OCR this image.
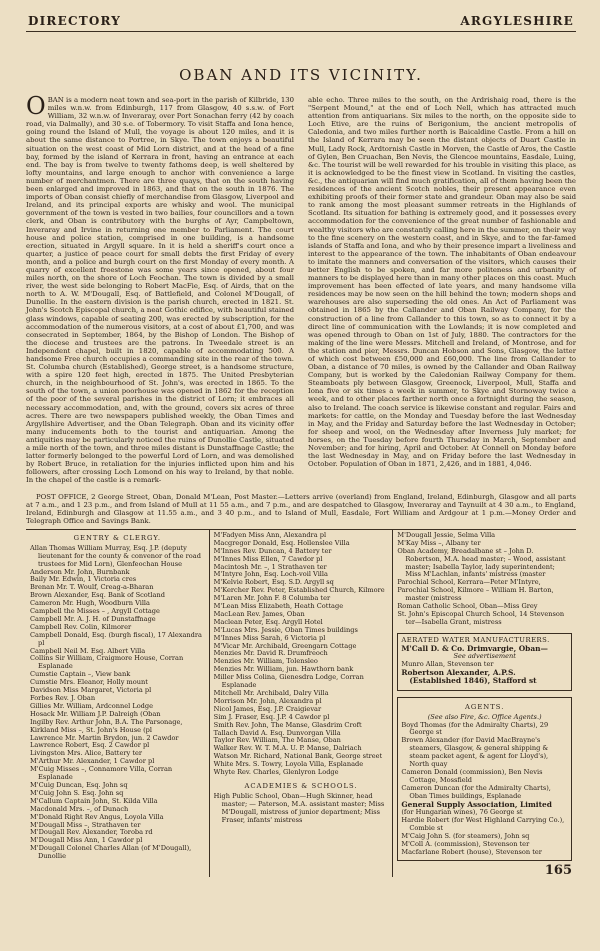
DIRECTORY	ARGYLESHIRE
OBAN AND ITS VICINITY.

OBAN is a modern neat town and sea-port in the parish of Kilbride, 130 miles w.n.w. from Edinburgh, 117 from Glasgow, 40 s.s.w. of Fort William, 32 w.n.w. of Inveraray, over Port Sonachan ferry (42 by coach road, via Dalmally), and 30 s.e. of Tobermory. To visit Staffa and Iona hence, going round the Island of Mull, the voyage is about 120 miles, and it is about the same distance to Portree, in Skye. The town enjoys a beautiful situation on the west coast of Mid Lorn district, and at the head of a fine bay, formed by the island of Kerrara in front, having an entrance at each end. The bay is from twelve to twenty fathoms deep, is well sheltered by lofty mountains, and large enough to anchor with convenience a large number of merchantmen. There are three quays, that on the south having been enlarged and improved in 1863, and that on the south in 1876. The imports of Oban consist chiefly of merchandise from Glasgow, Liverpool and Ireland, and its principal exports are whisky and wool. The municipal government of the town is vested in two bailies, four councillors and a town clerk, and Oban is contributory with the burghs of Ayr, Campbeltown, Inveraray and Irvine in returning one member to Parliament. The court house and police station, comprised in one building, is a handsome erection, situated in Argyll square. In it is held a sheriff's court once a quarter, a justice of peace court for small debts the first Friday of every month, and a police and burgh court on the first Monday of every month. A quarry of excellent freestone was some years since opened, about four miles north, on the shore of Loch Feochan. The town is divided by a small river, the west side belonging to Robert MacFie, Esq. of Airds, that on the north to A. W. M'Dougall, Esq. of Battlefield, and Colonel M'Dougall, of Dunollie. In the eastern division is the parish church, erected in 1821. St. John's Scotch Episcopal church, a neat Gothic edifice, with beautiful stained glass windows, capable of seating 200, was erected by subscription, for the accommodation of the numerous visitors, at a cost of about £1,700, and was consecrated in September, 1864, by the Bishop of London. The Bishop of the diocese and trustees are the patrons. In Tweedale street is an Independent chapel, built in 1820, capable of accommodating 500. A handsome Free church occupies a commanding site in the rear of the town. St. Columba church (Established), George street, is a handsome structure, with a spire 120 feet high, erected in 1875. The United Presbyterian church, in the neighbourhood of St. John's, was erected in 1865. To the south of the town, a union poorhouse was opened in 1862 for the reception of the poor of the several parishes in the district of Lorn; it embraces all necessary accommodation, and, with the ground, covers six acres of three acres. There are two newspapers published weekly, the Oban Times and Argyllshire Advertiser, and the Oban Telegraph. Oban and its vicinity offer many inducements both to the tourist and antiquarian. Among the antiquities may be particularly noticed the ruins of Dunollie Castle, situated a mile north of the town, and three miles distant is Dunstaffnage Castle; the latter formerly belonged to the powerful Lord of Lorn, and was demolished by Robert Bruce, in retaliation for the injuries inflicted upon him and his followers, after crossing Loch Lomond on his way to Ireland, by that noble. In the chapel of the castle is a remark-

able echo. Three miles to the south, on the Ardrishaig road, there is the "Serpent Mound," at the end of Loch Nell, which has attracted much attention from antiquarians. Six miles to the north, on the opposite side to Loch Etive, are the ruins of Berigonium, the ancient metropolis of Caledonia, and two miles further north is Baicaldine Castle. From a hill on the Island of Kerrara may be seen the distant objects of Duart Castle in Mull, Lady Rock, Ardtornish Castle in Morven, the Castle of Aros, the Castle of Gylen, Ben Cruachan, Ben Nevis, the Glencoe mountains, Easdale, Luing, &c. The tourist will be well rewarded for his trouble in visiting this place, as it is acknowledged to be the finest view in Scotland. In visiting the castles, &c., the antiquarian will find much gratification, all of them having been the residences of the ancient Scotch nobles, their present appearance even exhibiting proofs of their former state and grandeur. Oban may also be said to rank among the most pleasant summer retreats in the Highlands of Scotland. Its situation for bathing is extremely good, and it possesses every accommodation for the convenience of the great number of fashionable and wealthy visitors who are constantly calling here in the summer, on their way to the fine scenery on the western coast, and in Skye, and to the far-famed islands of Staffa and Iona, and who by their presence impart a liveliness and interest to the appearance of the town. The inhabitants of Oban endeavour to imitate the manners and conversation of the visitors, which causes their better English to be spoken, and far more politeness and urbanity of manners to be displayed here than in many other places on this coast. Much improvement has been effected of late years, and many handsome villa residences may be now seen on the hill behind the town; modern shops and warehouses are also superseding the old ones. An Act of Parliament was obtained in 1865 by the Callander and Oban Railway Company, for the construction of a line from Callander to this town, so as to connect it by a direct line of communication with the Lowlands; it is now completed and was opened through to Oban on 1st of July, 1880. The contractors for the making of the line were Messrs. Mitchell and Ireland, of Montrose, and for the station and pier, Messrs. Duncan Hobson and Sons, Glasgow, the latter of which cost between £50,000 and £60,000. The line from Callander to Oban, a distance of 70 miles, is owned by the Callander and Oban Railway Company, but is worked by the Caledonian Railway Company for them. Steamboats ply between Glasgow, Greenock, Liverpool, Mull, Staffa and Iona five or six times a week in summer, to Skye and Stornoway twice a week, and to other places farther north once a fortnight during the season, also to Ireland. The coach service is likewise constant and regular. Fairs and markets: for cattle, on the Monday and Tuesday before the last Wednesday in May, and the Friday and Saturday before the last Wednesday in October; for sheep and wool, on the Wednesday after Inverness July market; for horses, on the Tuesday before fourth Thursday in March, September and November; and for hiring, April and October. At Connell on Monday before the last Wednesday in May, and on Friday before the last Wednesday in October. Population of Oban in 1871, 2,426, and in 1881, 4,046.

POST OFFICE, 2 George Street, Oban, Donald M'Lean, Post Master.—Letters arrive (overland) from England, Ireland, Edinburgh, Glasgow and all parts at 7 a.m., and 1 23 p.m., and from Island of Mull at 11 55 a.m., and 7 p.m., and are despatched to Glasgow, Inveraray and Taynuilt at 4 30 a.m., to England, Ireland, Edinburgh and Glasgow at 11.55 a.m., and 3 40 p.m., and to Island of Mull, Easdale, Fort William and Ardgour at 1 p.m.—Money Order and Telegraph Office and Savings Bank.
GENTRY & CLERGY.
Allan Thomas William Murray, Esq. J.P. (deputy lieutenant for the county & convenor of the road trustees for Mid Lorn), Glenfeochan House
Anderson Mr. John, Burnbank
Baily Mr. Edwin, 1 Victoria cres
Brenan Mr. T. Woulf, Creag-a-Bharan
Brown Alexander, Esq. Bank of Scotland
Cameron Mr. Hugh, Woodburn Villa
Campbell the Misses – , Argyll Cottage
Campbell Mr. A. J. H. of Dunstaffnage
Campbell Rev. Colin, Kilmorer
Campbell Donald, Esq. (burgh fiscal), 17 Alexandra pl
Campbell Neil M. Esq. Albert Villa
Collins Sir William, Craigmore House, Corran Esplanade
Cumstie Captain –, View bank
Cumstie Mrs. Eleanor, Holly mount
Davidson Miss Margaret, Victoria pl
Forbes Rev. J. Oban
Gillies Mr. William, Ardconnel Lodge
Hosack Mr. William J.P. Dalreigh (Oban
Ingilby Rev. Arthur John, B.A. The Parsonage,
Kirkland Miss –, St. John's House (pl
Lawrence Mr. Martin Brydon, jun. 2 Cawdor
Lawrence Robert, Esq. 2 Cawdor pl
Livingston Mrs. Alice, Battery ter
M'Arthur Mr. Alexander, 1 Cawdor pl
M'Cuig Misses –, Connamore Villa, Corran Esplanade
M'Cuig Duncan, Esq. John sq
M'Cuig John S. Esq. John sq
M'Callum Captain John, St. Kilda Villa
Macdonald Mrs. –, of Dunach
M'Donald Right Rev Angus, Loyola Villa
M'Dougall Miss –, Strathaven ter
M'Dougall Rev. Alexander, Toroba rd
M'Dougall Miss Ann, 1 Cawdor pl
M'Dougall Colonel Charles Allan (of M'Dougall), Dunollie
M'Fadyen Miss Ann, Alexandra pl
Macgregor Donald, Esq. Hollenslee Villa
M'Innes Rev. Duncan, 4 Battery ter
M'Innes Miss Ellen, 7 Cawdor pl
Macintosh Mr. –, 1 Strathaven ter
M'Intyre John, Esq. Loch-voil Villa
M'Kelvie Robert, Esq. S.D. Argyll sq
M'Kercher Rev. Peter, Established Church, Kilmore
M'Laren Mr. John F. 8 Columba ter
M'Lean Miss Elizabeth, Heath Cottage
MacLean Rev. James, Oban
Maclean Peter, Esq. Argyll Hotel
M'Lucas Mrs. Jessie, Oban Times buildings
M'Innes Miss Sarah, 6 Victoria pl
M'Vicar Mr. Archibald, Greengarn Cottage
Menzies Mr. David R. Drumfreoch
Menzies Mr. William, Tolensleo
Menzies Mr. William, jun. Hawthorn bank
Miller Miss Colina, Gienesdra Lodge, Corran Esplanade
Mitchell Mr. Archibald, Dalry Villa
Morrison Mr. John, Alexandra pl
Nicol James, Esq. J.P. Craigievar
Sim J. Fraser, Esq. J.P. 4 Cawdor pl
Smith Rev. John, The Manse, Glasdrim Croft
Tallach David A. Esq. Dunvorgan Villa
Taylor Rev. William, The Manse, Oban
Walker Rev. W. T. M.A. U. P. Manse, Dalriach
Watson Mr. Richard, National Bank, George street
White Mrs. S. Towry, Loyola Villa, Esplanade
Whyte Rev. Charles, Glenlyron Lodge
ACADEMIES & SCHOOLS.
High Public School, Oban—Hugh Skinner, head master; — Paterson, M.A. assistant master; Miss M'Dougall, mistress of junior department; Miss Fraser, infants' mistress
M'Dougall Jessie, Selma Villa
M'Kay Miss –, Albany ter
Oban Academy, Breadalbane st – John D. Robertson, M.A. head master; – Wood, assistant master; Isabella Taylor, lady superintendent; Miss M'Lachlan, infants' mistress (master
Parochial School, Kerrara—Peter M'Intyre,
Parochial School, Kilmore – William H. Barton, master (mistress
Roman Catholic School, Oban—Miss Grey
St. John's Episcopal Church School, 14 Stevenson ter—Isabella Grant, mistress
AERATED WATER MANUFACTURERS.
M'Call D. & Co. Drimvargie, Oban—
See advertisement
Munro Allan, Stevenson ter
Robertson Alexander, A.P.S. (Established 1846), Stafford st
AGENTS.
(See also Fire, &c. Office Agents.)
Boyd Thomas (for the Admiralty Charts), 29 George st
Brown Alexander (for David MacBrayne's steamers, Glasgow, & general shipping & steam packet agent, & agent for Lloyd's), North quay
Cameron Donald (commission), Ben Nevis Cottage, Mossfield
Cameron Duncan (for the Admiralty Charts), Oban Times buildings, Esplanade
General Supply Association, Limited
(for Hungarian wines), 76 George st
Hardie Robert (for West Highland Carrying Co.), Combie st
M'Caig John S. (for steamers), John sq
M'Coll A. (commission), Stevenson ter
Macfarlane Robert (house), Stevenson ter
165
